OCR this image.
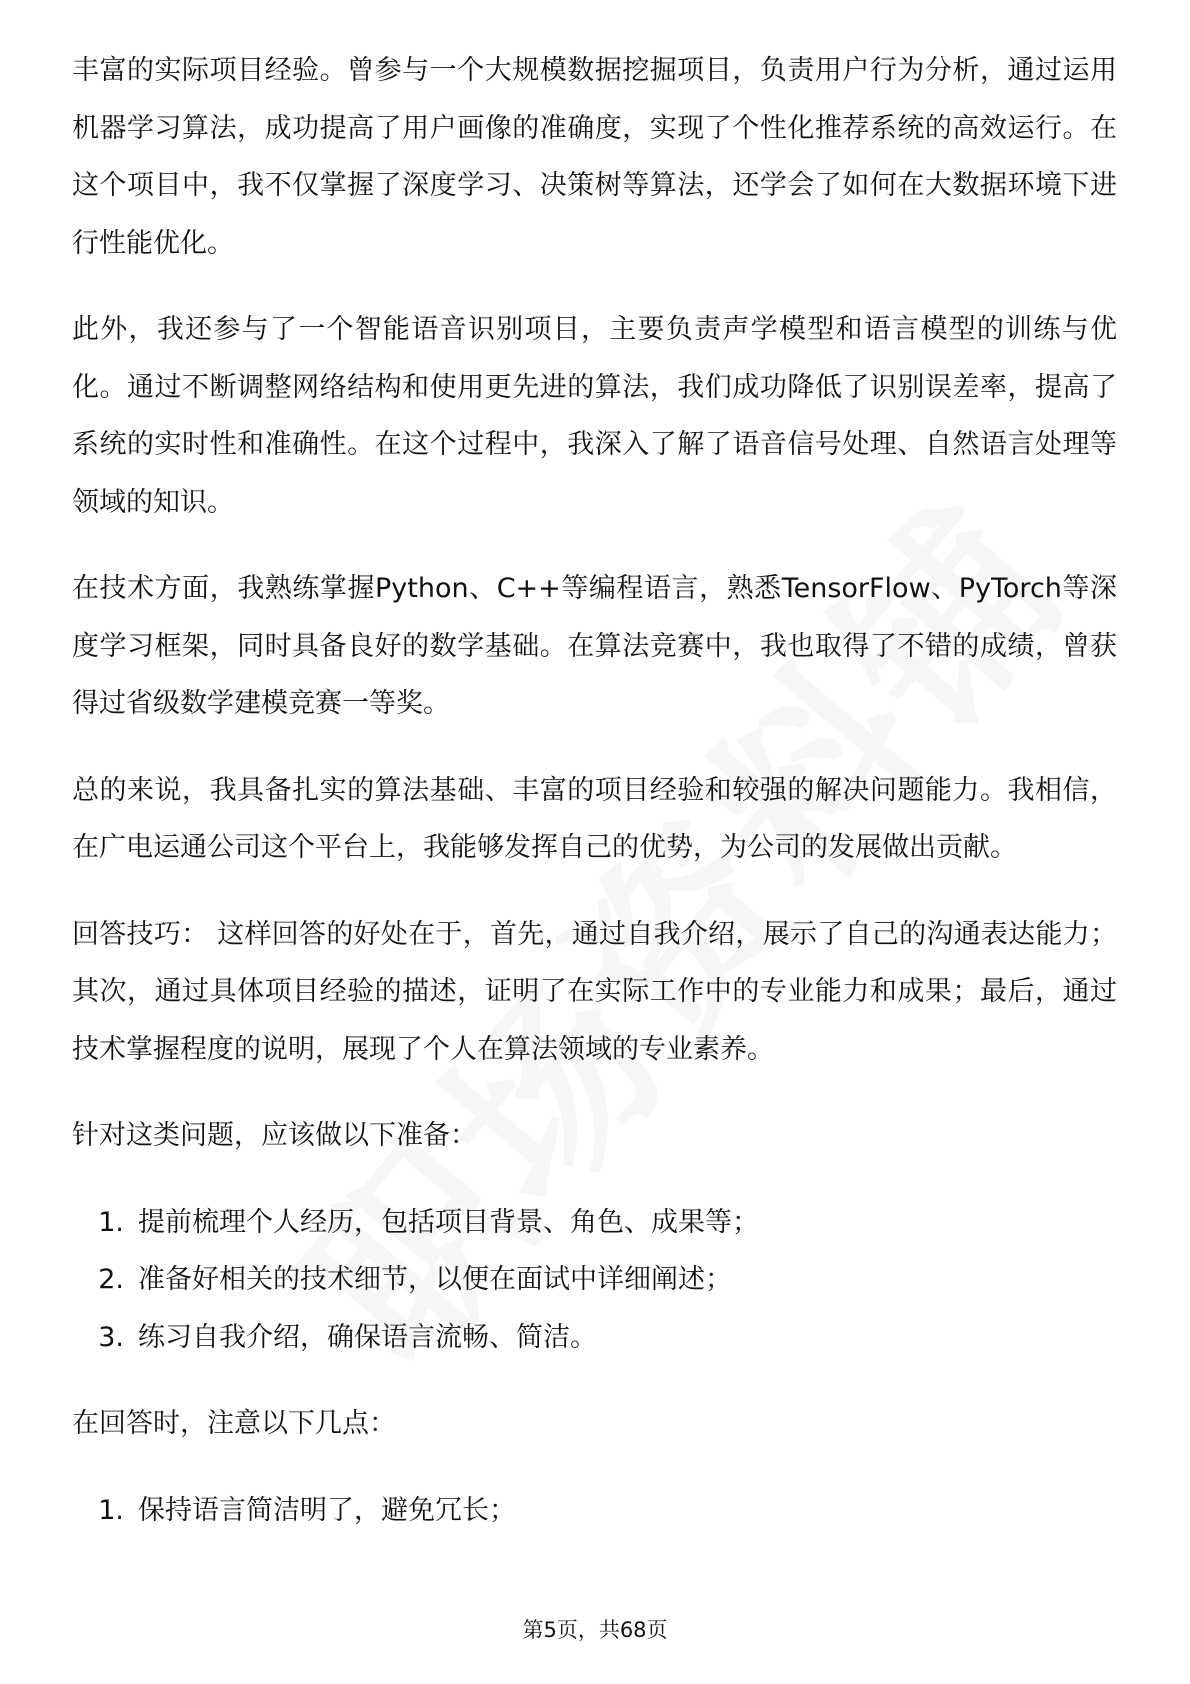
丰富的实际项目经验。曾参与一个大规模数据挖掘项目，负责用户行为分析，通过运用机器学习算法，成功提高了用户画像的准确度，实现了个性化推荐系统的高效运行。在这个项目中，我不仅掌握了深度学习、决策树等算法，还学会了如何在大数据环境下进行性能优化。

此外，我还参与了一个智能语音识别项目，主要负责声学模型和语言模型的训练与优化。通过不断调整网络结构和使用更先进的算法，我们成功降低了识别误差率，提高了系统的实时性和准确性。在这个过程中，我深入了解了语音信号处理、自然语言处理等领域的知识。

在技术方面，我熟练掌握Python、C++等编程语言，熟悉TensorFlow、PyTorch等深度学习框架，同时具备良好的数学基础。在算法竞赛中，我也取得了不错的成绩，曾获得过省级数学建模竞赛一等奖。

总的来说，我具备扎实的算法基础、丰富的项目经验和较强的解决问题能力。我相信，在广电运通公司这个平台上，我能够发挥自己的优势，为公司的发展做出贡献。

回答技巧： 这样回答的好处在于，首先，通过自我介绍，展示了自己的沟通表达能力；其次，通过具体项目经验的描述，证明了在实际工作中的专业能力和成果；最后，通过技术掌握程度的说明，展现了个人在算法领域的专业素养。

针对这类问题，应该做以下准备：

1. 提前梳理个人经历，包括项目背景、角色、成果等；
2. 准备好相关的技术细节，以便在面试中详细阐述；
3. 练习自我介绍，确保语言流畅、简洁。

在回答时，注意以下几点：

1. 保持语言简洁明了，避免冗长；
第5页，共68页
